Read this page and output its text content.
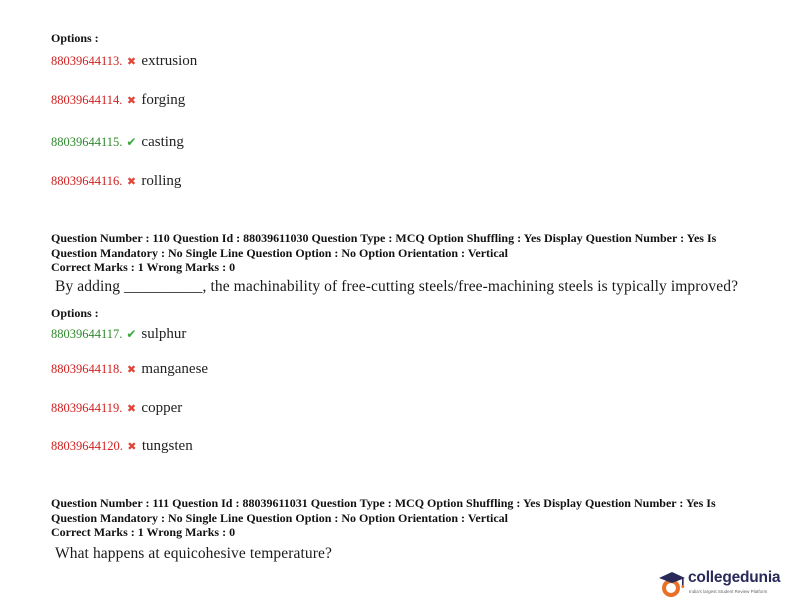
Options :
88039644113. ✖ extrusion
88039644114. ✖ forging
88039644115. ✔ casting
88039644116. ✖ rolling
Question Number : 110 Question Id : 88039611030 Question Type : MCQ Option Shuffling : Yes Display Question Number : Yes Is
Question Mandatory : No Single Line Question Option : No Option Orientation : Vertical
Correct Marks : 1 Wrong Marks : 0
By adding __________, the machinability of free-cutting steels/free-machining steels is typically improved?
Options :
88039644117. ✔ sulphur
88039644118. ✖ manganese
88039644119. ✖ copper
88039644120. ✖ tungsten
Question Number : 111 Question Id : 88039611031 Question Type : MCQ Option Shuffling : Yes Display Question Number : Yes Is
Question Mandatory : No Single Line Question Option : No Option Orientation : Vertical
Correct Marks : 1 Wrong Marks : 0
What happens at equicohesive temperature?
collegedunia
India's largest Student Review Platform
